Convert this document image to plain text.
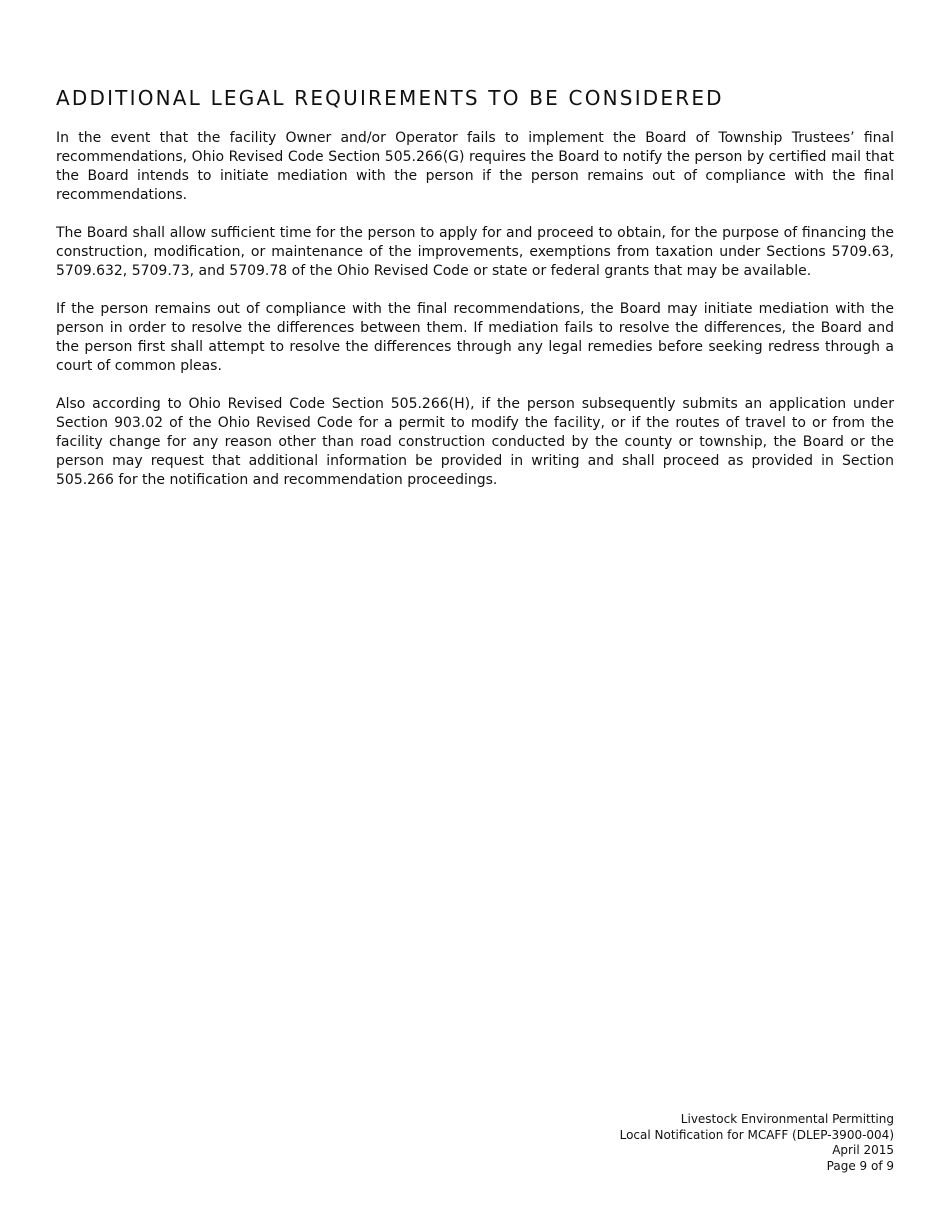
ADDITIONAL LEGAL REQUIREMENTS TO BE CONSIDERED

In the event that the facility Owner and/or Operator fails to implement the Board of Township Trustees’ final recommendations, Ohio Revised Code Section 505.266(G) requires the Board to notify the person by certified mail that the Board intends to initiate mediation with the person if the person remains out of compliance with the final recommendations.

The Board shall allow sufficient time for the person to apply for and proceed to obtain, for the purpose of financing the construction, modification, or maintenance of the improvements, exemptions from taxation under Sections 5709.63, 5709.632, 5709.73, and 5709.78 of the Ohio Revised Code or state or federal grants that may be available.

If the person remains out of compliance with the final recommendations, the Board may initiate mediation with the person in order to resolve the differences between them. If mediation fails to resolve the differences, the Board and the person first shall attempt to resolve the differences through any legal remedies before seeking redress through a court of common pleas.

Also according to Ohio Revised Code Section 505.266(H), if the person subsequently submits an application under Section 903.02 of the Ohio Revised Code for a permit to modify the facility, or if the routes of travel to or from the facility change for any reason other than road construction conducted by the county or township, the Board or the person may request that additional information be provided in writing and shall proceed as provided in Section 505.266 for the notification and recommendation proceedings.

Livestock Environmental Permitting
Local Notification for MCAFF (DLEP-3900-004)
April 2015
Page 9 of 9
